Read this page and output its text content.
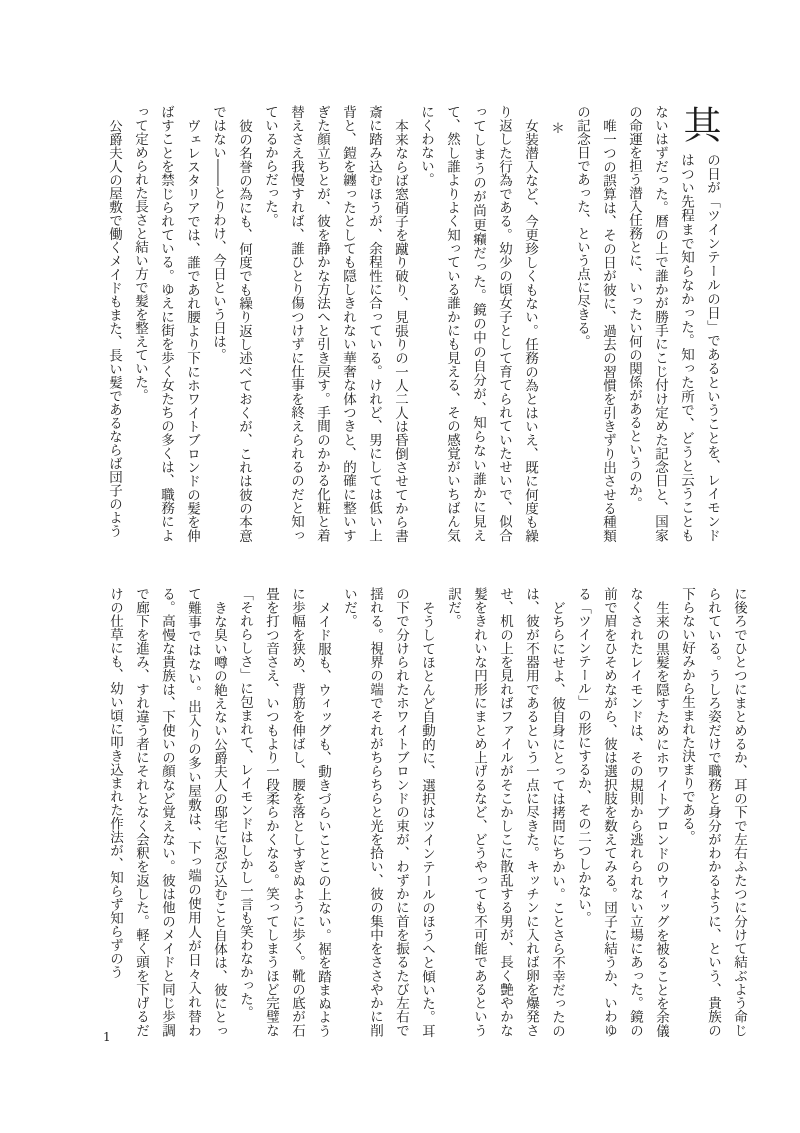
其
の日が「ツインテールの日」であるということを、レイモンドはつい先程まで知らなかった。知った所で、どうと云うこともないはずだった。暦の上で誰かが勝手にこじ付け定めた記念日と、国家の命運を担う潜入任務とに、いったい何の関係があるというのか。

唯一つの誤算は、その日が彼に、過去の習慣を引きずり出させる種類の記念日であった、という点に尽きる。

＊

女装潜入など、今更珍しくもない。任務の為とはいえ、既に何度も繰り返した行為である。幼少の頃女子として育てられていたせいで、似合ってしまうのが尚更癪だった。鏡の中の自分が、知らない誰かに見えて、然し誰よりよく知っている誰かにも見える、その感覚がいちばん気にくわない。

本来ならば窓硝子を蹴り破り、見張りの一人二人は昏倒させてから書斎に踏み込むほうが、余程性に合っている。けれど、男にしては低い上背と、鎧を纏ったとしても隠しきれない華奢な体つきと、的確に整いすぎた顔立ちとが、彼を静かな方法へと引き戻す。手間のかかる化粧と着替えさえ我慢すれば、誰ひとり傷つけずに仕事を終えられるのだと知っているからだった。

彼の名誉の為にも、何度でも繰り返し述べておくが、これは彼の本意ではない――とりわけ、今日という日は。

ヴェレスタリアでは、誰であれ腰より下にホワイトブロンドの髪を伸ばすことを禁じられている。ゆえに街を歩く女たちの多くは、職務によって定められた長さと結い方で髪を整えていた。

公爵夫人の屋敷で働くメイドもまた、長い髪であるならば団子のよう

に後ろでひとつにまとめるか、耳の下で左右ふたつに分けて結ぶよう命じられている。うしろ姿だけで職務と身分がわかるように、という、貴族の下らない好みから生まれた決まりである。

生来の黒髪を隠すためにホワイトブロンドのウィッグを被ることを余儀なくされたレイモンドは、その規則から逃れられない立場にあった。鏡の前で眉をひそめながら、彼は選択肢を数えてみる。団子に結うか、いわゆる「ツインテール」の形にするか、その二つしかない。

どちらにせよ、彼自身にとっては拷問にちかい。ことさら不幸だったのは、彼が不器用であるという一点に尽きた。キッチンに入れば卵を爆発させ、机の上を見ればファイルがそこかしこに散乱する男が、長く艶やかな髪をきれいな円形にまとめ上げるなど、どうやっても不可能であるという訳だ。

そうしてほとんど自動的に、選択はツインテールのほうへと傾いた。耳の下で分けられたホワイトブロンドの束が、わずかに首を振るたび左右で揺れる。視界の端でそれがちらちらと光を拾い、彼の集中をささやかに削いだ。

メイド服も、ウィッグも、動きづらいことこの上ない。裾を踏まぬように歩幅を狭め、背筋を伸ばし、腰を落としすぎぬように歩く。靴の底が石畳を打つ音さえ、いつもより一段柔らかくなる。笑ってしまうほど完璧な「それらしさ」に包まれて、レイモンドはしかし一言も笑わなかった。

きな臭い噂の絶えない公爵夫人の邸宅に忍び込むこと自体は、彼にとって難事ではない。出入りの多い屋敷は、下っ端の使用人が日々入れ替わる。高慢な貴族は、下使いの顔など覚えない。彼は他のメイドと同じ歩調で廊下を進み、すれ違う者にそれとなく会釈を返した。軽く頭を下げるだけの仕草にも、幼い頃に叩き込まれた作法が、知らず知らずのう

1
